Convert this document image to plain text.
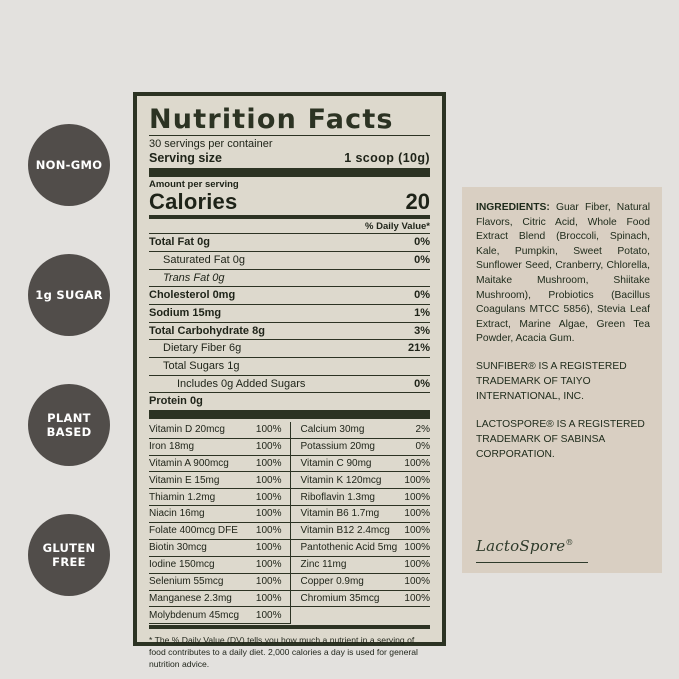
NON-GMO
1g SUGAR
PLANT
BASED
GLUTEN
FREE
Nutrition Facts
30 servings per container
Serving size	1 scoop (10g)
Amount per serving
Calories	20
% Daily Value*
Total Fat 0g	0%
Saturated Fat 0g	0%
Trans Fat 0g
Cholesterol 0mg	0%
Sodium 15mg	1%
Total Carbohydrate 8g	3%
Dietary Fiber 6g	21%
Total Sugars 1g
Includes 0g Added Sugars	0%
Protein 0g
Vitamin D 20mcg	100% Calcium 30mg	2%
Iron 18mg	100% Potassium 20mg	0%
Vitamin A 900mcg	100% Vitamin C 90mg	100%
Vitamin E 15mg	100% Vitamin K 120mcg 100%
Thiamin 1.2mg	100% Riboflavin 1.3mg	100%
Niacin 16mg	100% Vitamin B6 1.7mg	100%
Folate 400mcg DFE 100% Vitamin B12 2.4mcg 100%
Biotin 30mcg	100% Pantothenic Acid 5mg 100%
Iodine 150mcg	100% Zinc 11mg	100%
Selenium 55mcg	100% Copper 0.9mg	100%
Manganese 2.3mg 100% Chromium 35mcg	100%
Molybdenum 45mcg 100%
* The % Daily Value (DV) tells you how much a nutrient in a serving of food contributes to a daily diet. 2,000 calories a day is used for general nutrition advice.
INGREDIENTS: Guar Fiber, Natural Flavors, Citric Acid, Whole Food Extract Blend (Broccoli, Spinach, Kale, Pumpkin, Sweet Potato, Sunflower Seed, Cranberry, Chlorella, Maitake Mushroom, Shiitake Mushroom), Probiotics (Bacillus Coagulans MTCC 5856), Stevia Leaf Extract, Marine Algae, Green Tea Powder, Acacia Gum.
SUNFIBER® IS A REGISTERED TRADEMARK OF TAIYO INTERNATIONAL, INC.
LACTOSPORE® IS A REGISTERED TRADEMARK OF SABINSA CORPORATION.
LactoSpore®
